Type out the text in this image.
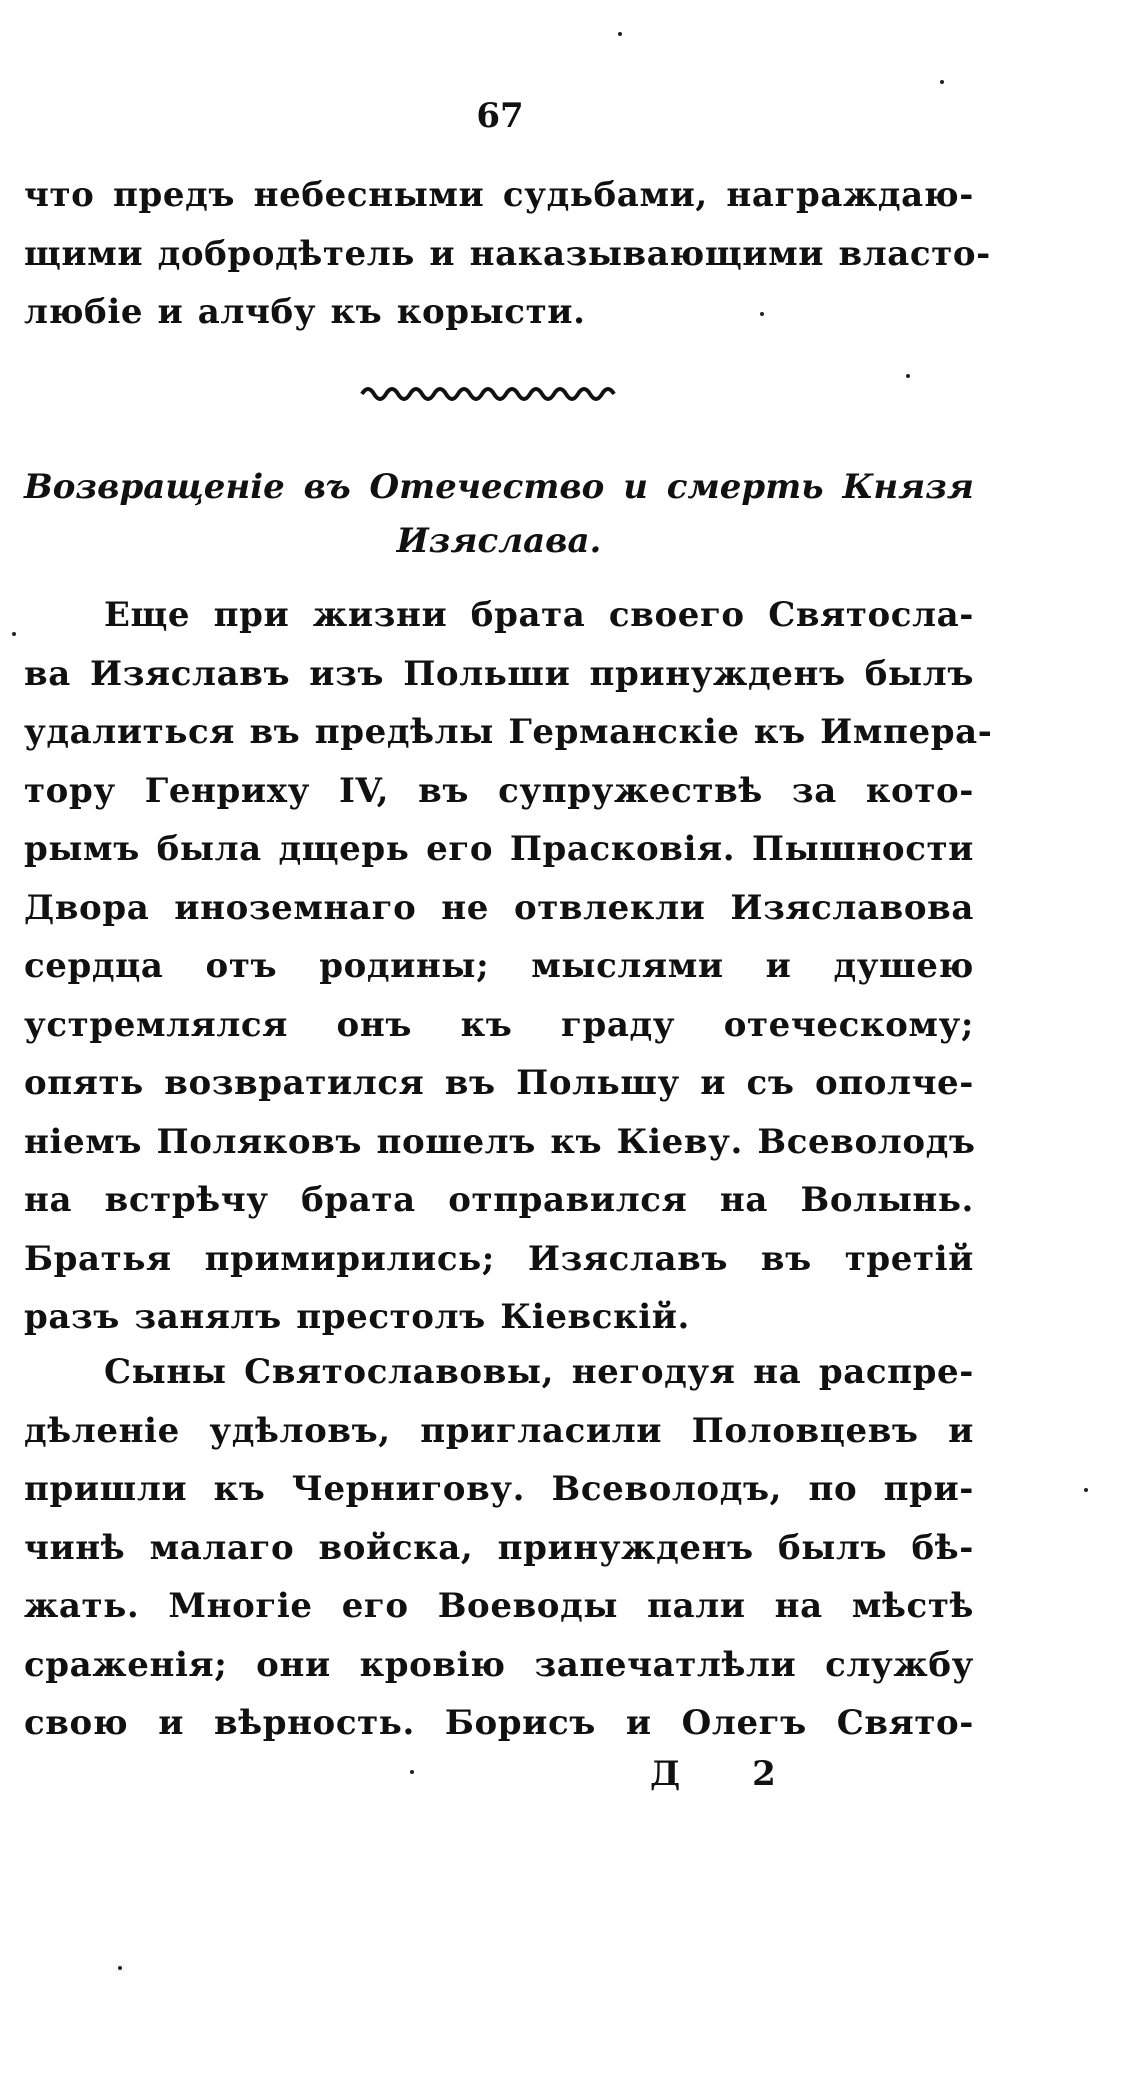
67
что предъ небесными судьбами, награждаю-
щими добродѣтель и наказывающими власто-
любіе и алчбу къ корысти.
Возвращеніе въ Отечество и смерть Князя
Изяслава.
Еще при жизни брата своего Святосла-
ва Изяславъ изъ Польши принужденъ былъ
удалиться въ предѣлы Германскіе къ Импера-
тору Генриху IV, въ супружествѣ за кото-
рымъ была дщерь его Прасковія. Пышности
Двора иноземнаго не отвлекли Изяславова
сердца отъ родины; мыслями и душею
устремлялся онъ къ граду отеческому;
опять возвратился въ Польшу и съ ополче-
ніемъ Поляковъ пошелъ къ Кіеву. Всеволодъ
на встрѣчу брата отправился на Волынь.
Братья примирились; Изяславъ въ третій
разъ занялъ престолъ Кіевскій.
Сыны Святославовы, негодуя на распре-
дѣленіе удѣловъ, пригласили Половцевъ и
пришли къ Чернигову. Всеволодъ, по при-
чинѣ малаго войска, принужденъ былъ бѣ-
жать. Многіе его Воеводы пали на мѣстѣ
сраженія; они кровію запечатлѣли службу
свою и вѣрность. Борисъ и Олегъ Свято-
Д 2
